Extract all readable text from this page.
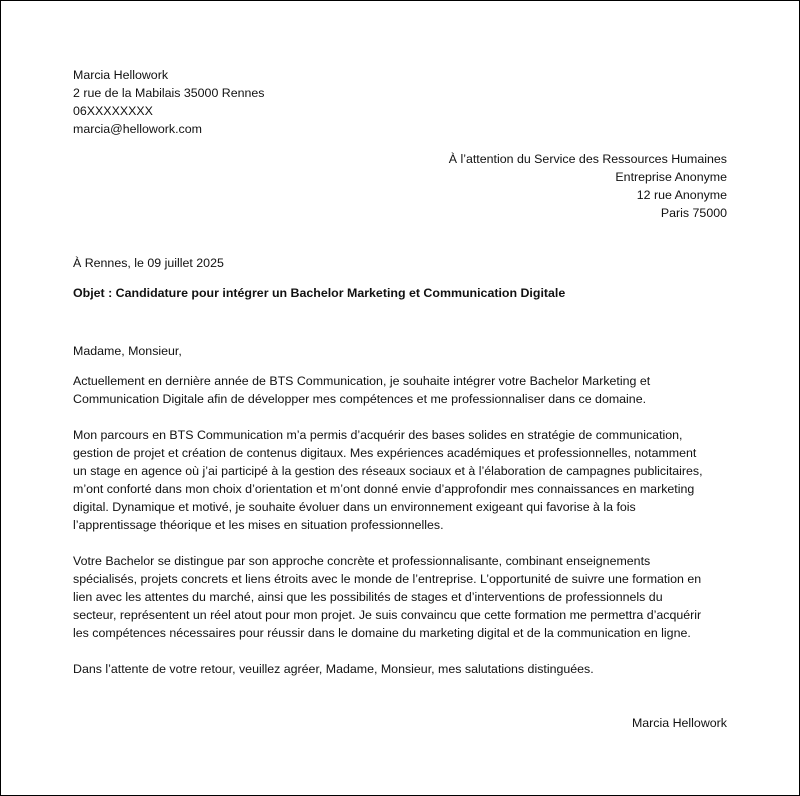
Marcia Hellowork
2 rue de la Mabilais 35000 Rennes
06XXXXXXXX
marcia@hellowork.com
À l’attention du Service des Ressources Humaines
Entreprise Anonyme
12 rue Anonyme
Paris 75000
À Rennes, le 09 juillet 2025
Objet : Candidature pour intégrer un Bachelor Marketing et Communication Digitale
Madame, Monsieur,
Actuellement en dernière année de BTS Communication, je souhaite intégrer votre Bachelor Marketing et
Communication Digitale afin de développer mes compétences et me professionnaliser dans ce domaine.
Mon parcours en BTS Communication m’a permis d’acquérir des bases solides en stratégie de communication,
gestion de projet et création de contenus digitaux. Mes expériences académiques et professionnelles, notamment
un stage en agence où j’ai participé à la gestion des réseaux sociaux et à l’élaboration de campagnes publicitaires,
m’ont conforté dans mon choix d’orientation et m’ont donné envie d’approfondir mes connaissances en marketing
digital. Dynamique et motivé, je souhaite évoluer dans un environnement exigeant qui favorise à la fois
l’apprentissage théorique et les mises en situation professionnelles.
Votre Bachelor se distingue par son approche concrète et professionnalisante, combinant enseignements
spécialisés, projets concrets et liens étroits avec le monde de l’entreprise. L’opportunité de suivre une formation en
lien avec les attentes du marché, ainsi que les possibilités de stages et d’interventions de professionnels du
secteur, représentent un réel atout pour mon projet. Je suis convaincu que cette formation me permettra d’acquérir
les compétences nécessaires pour réussir dans le domaine du marketing digital et de la communication en ligne.
Dans l’attente de votre retour, veuillez agréer, Madame, Monsieur, mes salutations distinguées.
Marcia Hellowork
